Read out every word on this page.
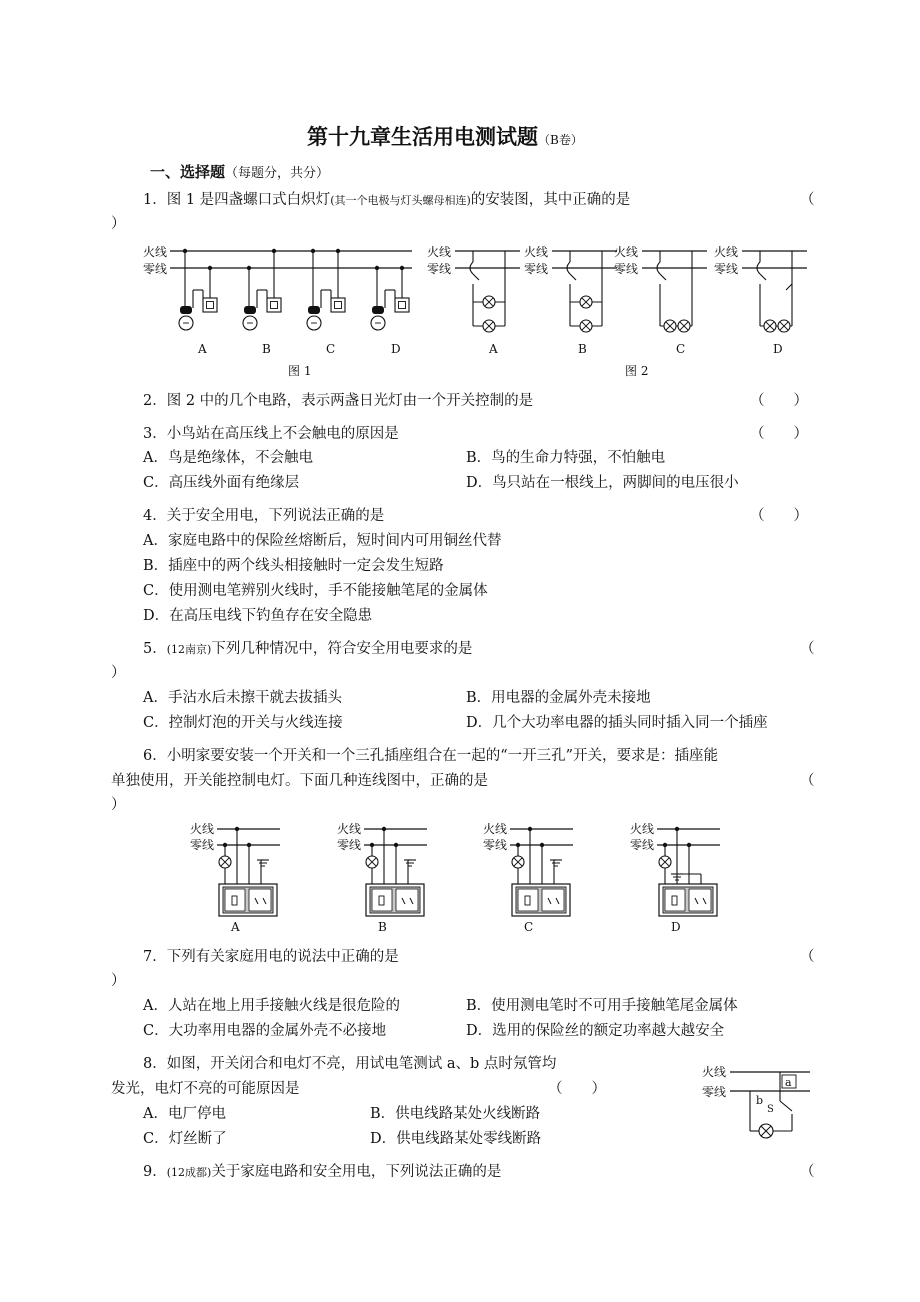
第十九章生活用电测试题（B卷）
一、选择题（每题分，共分）
1．图 1 是四盏螺口式白炽灯(其一个电极与灯头螺母相连)的安装图，其中正确的是	（
）
火线
零线
A	B	C	D
图 1
火线
零线
火线
零线
火线
零线
火线
零线
A	B	C	D
图 2
2．图 2 中的几个电路，表示两盏日光灯由一个开关控制的是	（　　）
3．小鸟站在高压线上不会触电的原因是	（　　）
A．鸟是绝缘体，不会触电	B．鸟的生命力特强，不怕触电
C．高压线外面有绝缘层	D．鸟只站在一根线上，两脚间的电压很小
4．关于安全用电，下列说法正确的是	（　　）
A．家庭电路中的保险丝熔断后，短时间内可用铜丝代替
B．插座中的两个线头相接触时一定会发生短路
C．使用测电笔辨别火线时，手不能接触笔尾的金属体
D．在高压电线下钓鱼存在安全隐患
5．(12南京)下列几种情况中，符合安全用电要求的是	（
）
A．手沾水后未擦干就去拔插头	B．用电器的金属外壳未接地
C．控制灯泡的开关与火线连接	D．几个大功率电器的插头同时插入同一个插座
6．小明家要安装一个开关和一个三孔插座组合在一起的“一开三孔”开关，要求是：插座能
单独使用，开关能控制电灯。下面几种连线图中，正确的是	（
）
火线
零线
火线
零线
火线
零线
火线
零线
A	B	C	D
7．下列有关家庭用电的说法中正确的是	（
）
A．人站在地上用手接触火线是很危险的	B．使用测电笔时不可用手接触笔尾金属体
C．大功率用电器的金属外壳不必接地	D．选用的保险丝的额定功率越大越安全
8．如图，开关闭合和电灯不亮，用试电笔测试 a、b 点时氖管均
发光，电灯不亮的可能原因是	（　　）
A．电厂停电	B．供电线路某处火线断路
C．灯丝断了	D．供电线路某处零线断路
火线
零线
a
b
S
9．(12成都)关于家庭电路和安全用电，下列说法正确的是	（
